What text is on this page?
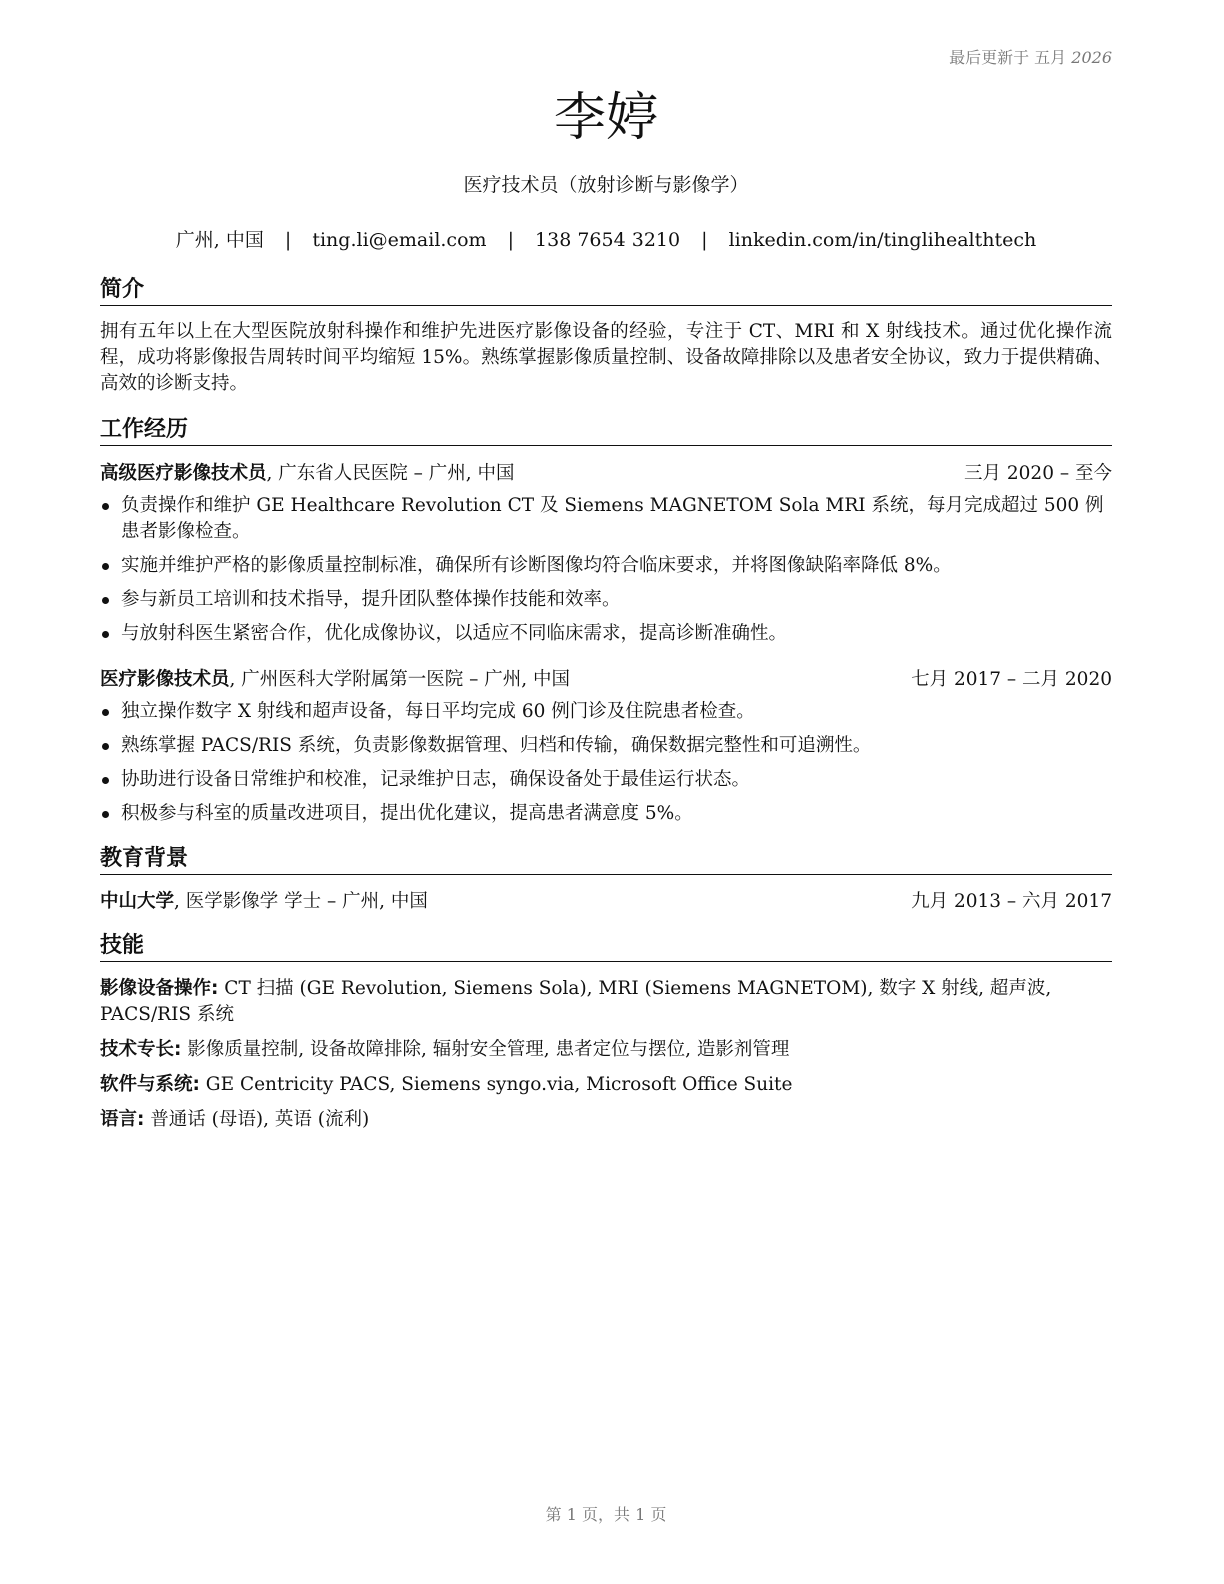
最后更新于 五月 2026
李婷
医疗技术员（放射诊断与影像学）
广州, 中国 | ting.li@email.com | 138 7654 3210 | linkedin.com/in/tinglihealthtech
简介

拥有五年以上在大型医院放射科操作和维护先进医疗影像设备的经验，专注于 CT、MRI 和 X 射线技术。通过优化操作流程，成功将影像报告周转时间平均缩短 15%。熟练掌握影像质量控制、设备故障排除以及患者安全协议，致力于提供精确、高效的诊断支持。

工作经历
高级医疗影像技术员, 广东省人民医院 – 广州, 中国	三月 2020 – 至今
负责操作和维护 GE Healthcare Revolution CT 及 Siemens MAGNETOM Sola MRI 系统，每月完成超过 500 例患者影像检查。
实施并维护严格的影像质量控制标准，确保所有诊断图像均符合临床要求，并将图像缺陷率降低 8%。
参与新员工培训和技术指导，提升团队整体操作技能和效率。
与放射科医生紧密合作，优化成像协议，以适应不同临床需求，提高诊断准确性。
医疗影像技术员, 广州医科大学附属第一医院 – 广州, 中国	七月 2017 – 二月 2020
独立操作数字 X 射线和超声设备，每日平均完成 60 例门诊及住院患者检查。
熟练掌握 PACS/RIS 系统，负责影像数据管理、归档和传输，确保数据完整性和可追溯性。
协助进行设备日常维护和校准，记录维护日志，确保设备处于最佳运行状态。
积极参与科室的质量改进项目，提出优化建议，提高患者满意度 5%。
教育背景
中山大学, 医学影像学 学士 – 广州, 中国	九月 2013 – 六月 2017
技能
影像设备操作: CT 扫描 (GE Revolution, Siemens Sola), MRI (Siemens MAGNETOM), 数字 X 射线, 超声波, PACS/RIS 系统
技术专长: 影像质量控制, 设备故障排除, 辐射安全管理, 患者定位与摆位, 造影剂管理
软件与系统: GE Centricity PACS, Siemens syngo.via, Microsoft Office Suite
语言: 普通话 (母语), 英语 (流利)
第 1 页，共 1 页
